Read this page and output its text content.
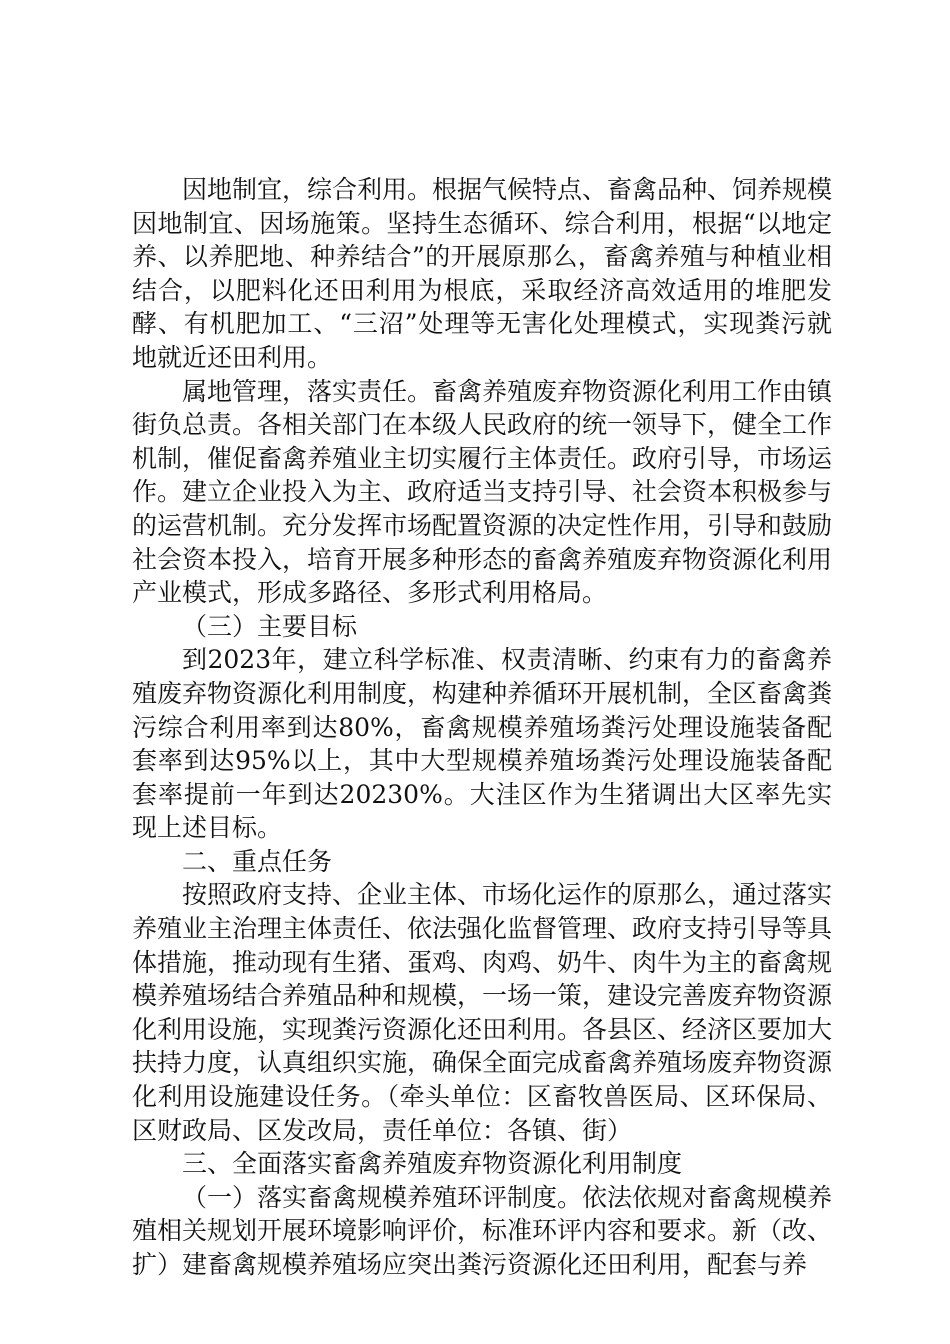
因地制宜，综合利用。根据气候特点、畜禽品种、饲养规模因地制宜、因场施策。坚持生态循环、综合利用，根据“以地定养、以养肥地、种养结合”的开展原那么，畜禽养殖与种植业相结合，以肥料化还田利用为根底，采取经济高效适用的堆肥发酵、有机肥加工、“三沼”处理等无害化处理模式，实现粪污就地就近还田利用。

属地管理，落实责任。畜禽养殖废弃物资源化利用工作由镇街负总责。各相关部门在本级人民政府的统一领导下，健全工作机制，催促畜禽养殖业主切实履行主体责任。政府引导，市场运作。建立企业投入为主、政府适当支持引导、社会资本积极参与的运营机制。充分发挥市场配置资源的决定性作用，引导和鼓励社会资本投入，培育开展多种形态的畜禽养殖废弃物资源化利用产业模式，形成多路径、多形式利用格局。

（三）主要目标

到2023年，建立科学标准、权责清晰、约束有力的畜禽养殖废弃物资源化利用制度，构建种养循环开展机制，全区畜禽粪污综合利用率到达80%，畜禽规模养殖场粪污处理设施装备配套率到达95%以上，其中大型规模养殖场粪污处理设施装备配套率提前一年到达20230%。大洼区作为生猪调出大区率先实现上述目标。

二、重点任务

按照政府支持、企业主体、市场化运作的原那么，通过落实养殖业主治理主体责任、依法强化监督管理、政府支持引导等具体措施，推动现有生猪、蛋鸡、肉鸡、奶牛、肉牛为主的畜禽规模养殖场结合养殖品种和规模，一场一策，建设完善废弃物资源化利用设施，实现粪污资源化还田利用。各县区、经济区要加大扶持力度，认真组织实施，确保全面完成畜禽养殖场废弃物资源化利用设施建设任务。（牵头单位：区畜牧兽医局、区环保局、区财政局、区发改局，责任单位：各镇、街）

三、全面落实畜禽养殖废弃物资源化利用制度

（一）落实畜禽规模养殖环评制度。依法依规对畜禽规模养殖相关规划开展环境影响评价，标准环评内容和要求。新（改、扩）建畜禽规模养殖场应突出粪污资源化还田利用，配套与养
